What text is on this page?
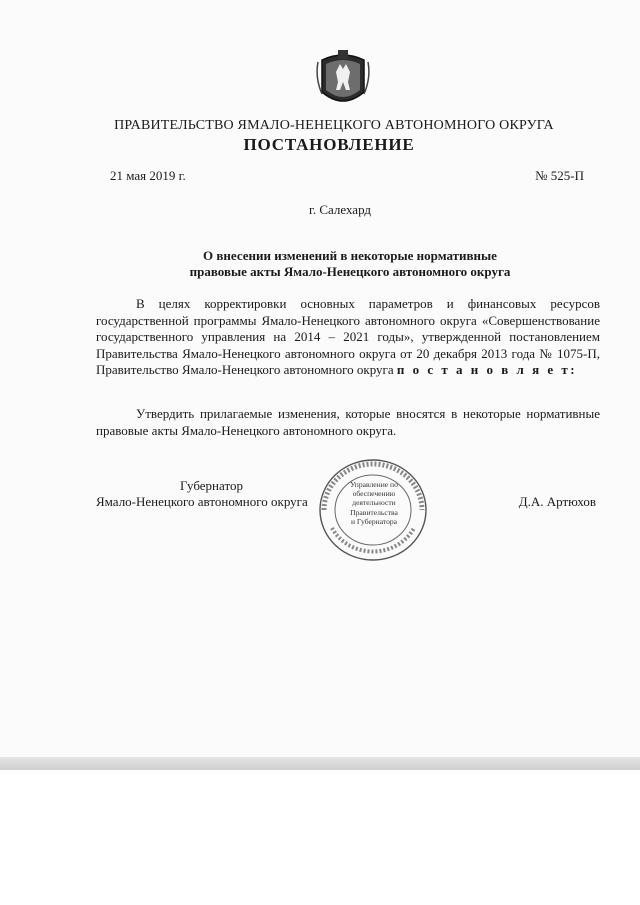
ПРАВИТЕЛЬСТВО ЯМАЛО-НЕНЕЦКОГО АВТОНОМНОГО ОКРУГА
ПОСТАНОВЛЕНИЕ
21 мая 2019 г.	№ 525-П
г. Салехард
О внесении изменений в некоторые нормативные
правовые акты Ямало-Ненецкого автономного округа
В целях корректировки основных параметров и финансовых ресурсов государственной программы Ямало-Ненецкого автономного округа «Совершенствование государственного управления на 2014 – 2021 годы», утвержденной постановлением Правительства Ямало-Ненецкого автономного округа от 20 декабря 2013 года № 1075-П, Правительство Ямало-Ненецкого автономного округа п о с т а н о в л я е т:
Утвердить прилагаемые изменения, которые вносятся в некоторые нормативные правовые акты Ямало-Ненецкого автономного округа.
Губернатор
Ямало-Ненецкого автономного округа	Д.А. Артюхов
Управление по
обеспечению
деятельности
Правительства
и Губернатора
